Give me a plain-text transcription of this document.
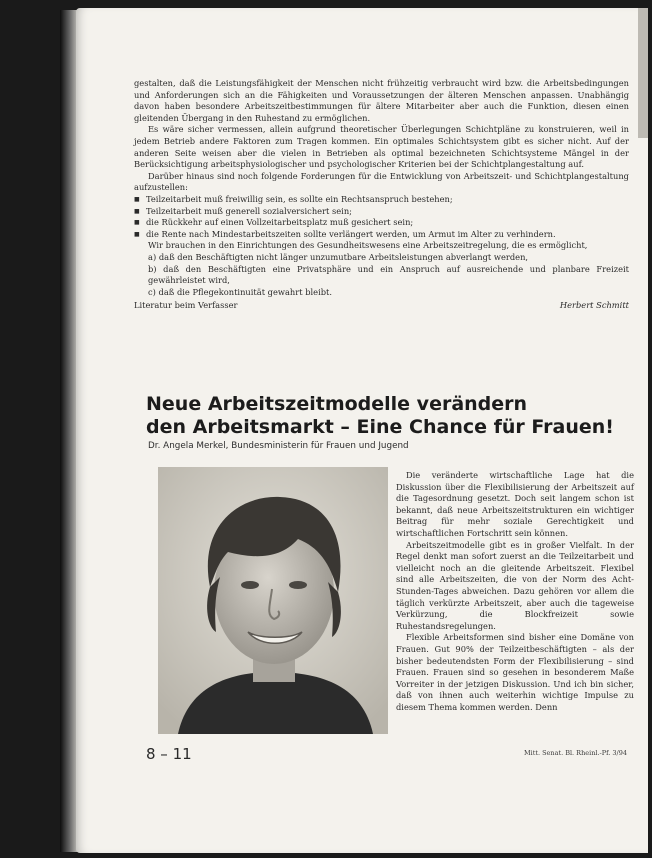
gestalten, daß die Leistungsfähigkeit der Menschen nicht frühzeitig verbraucht wird bzw. die Arbeitsbedingungen und Anforderungen sich an die Fähigkeiten und Voraussetzungen der älteren Menschen anpassen. Unabhängig davon haben besondere Arbeitszeitbestimmungen für ältere Mitarbeiter aber auch die Funktion, diesen einen gleitenden Übergang in den Ruhestand zu ermöglichen.

Es wäre sicher vermessen, allein aufgrund theoretischer Überlegungen Schichtpläne zu konstruieren, weil in jedem Betrieb andere Faktoren zum Tragen kommen. Ein optimales Schichtsystem gibt es sicher nicht. Auf der anderen Seite weisen aber die vielen in Betrieben als optimal bezeichneten Schichtsysteme Mängel in der Berücksichtigung arbeitsphysiologischer und psychologischer Kriterien bei der Schichtplangestaltung auf.

Darüber hinaus sind noch folgende Forderungen für die Entwicklung von Arbeitszeit- und Schichtplangestaltung aufzustellen:

■ Teilzeitarbeit muß freiwillig sein, es sollte ein Rechtsanspruch bestehen;
■ Teilzeitarbeit muß generell sozialversichert sein;
■ die Rückkehr auf einen Vollzeitarbeitsplatz muß gesichert sein;
■ die Rente nach Mindestarbeitszeiten sollte verlängert werden, um Armut im Alter zu verhindern.
Wir brauchen in den Einrichtungen des Gesundheitswesens eine Arbeitszeitregelung, die es ermöglicht,
a) daß den Beschäftigten nicht länger unzumutbare Arbeitsleistungen abverlangt werden,
b) daß den Beschäftigten eine Privatsphäre und ein Anspruch auf ausreichende und planbare Freizeit gewährleistet wird,
c) daß die Pflegekontinuität gewahrt bleibt.
Literatur beim Verfasser	Herbert Schmitt
Neue Arbeitszeitmodelle verändern
den Arbeitsmarkt – Eine Chance für Frauen!
Dr. Angela Merkel, Bundesministerin für Frauen und Jugend

Die veränderte wirtschaftliche Lage hat die Diskussion über die Flexibilisierung der Arbeitszeit auf die Tagesordnung gesetzt. Doch seit langem schon ist bekannt, daß neue Arbeitszeitstrukturen ein wichtiger Beitrag für mehr soziale Gerechtigkeit und wirtschaftlichen Fortschritt sein können.

Arbeitszeitmodelle gibt es in großer Vielfalt. In der Regel denkt man sofort zuerst an die Teilzeitarbeit und vielleicht noch an die gleitende Arbeitszeit. Flexibel sind alle Arbeitszeiten, die von der Norm des Acht-Stunden-Tages abweichen. Dazu gehören vor allem die täglich verkürzte Arbeitszeit, aber auch die tageweise Verkürzung, die Blockfreizeit sowie Ruhestandsregelungen.

Flexible Arbeitsformen sind bisher eine Domäne von Frauen. Gut 90% der Teilzeitbeschäftigten – als der bisher bedeutendsten Form der Flexibilisierung – sind Frauen. Frauen sind so gesehen in besonderem Maße Vorreiter in der jetzigen Diskussion. Und ich bin sicher, daß von ihnen auch weiterhin wichtige Impulse zu diesem Thema kommen werden. Denn

8 – 11	Mitt. Senat. Bl. Rheinl.-Pf. 3/94
